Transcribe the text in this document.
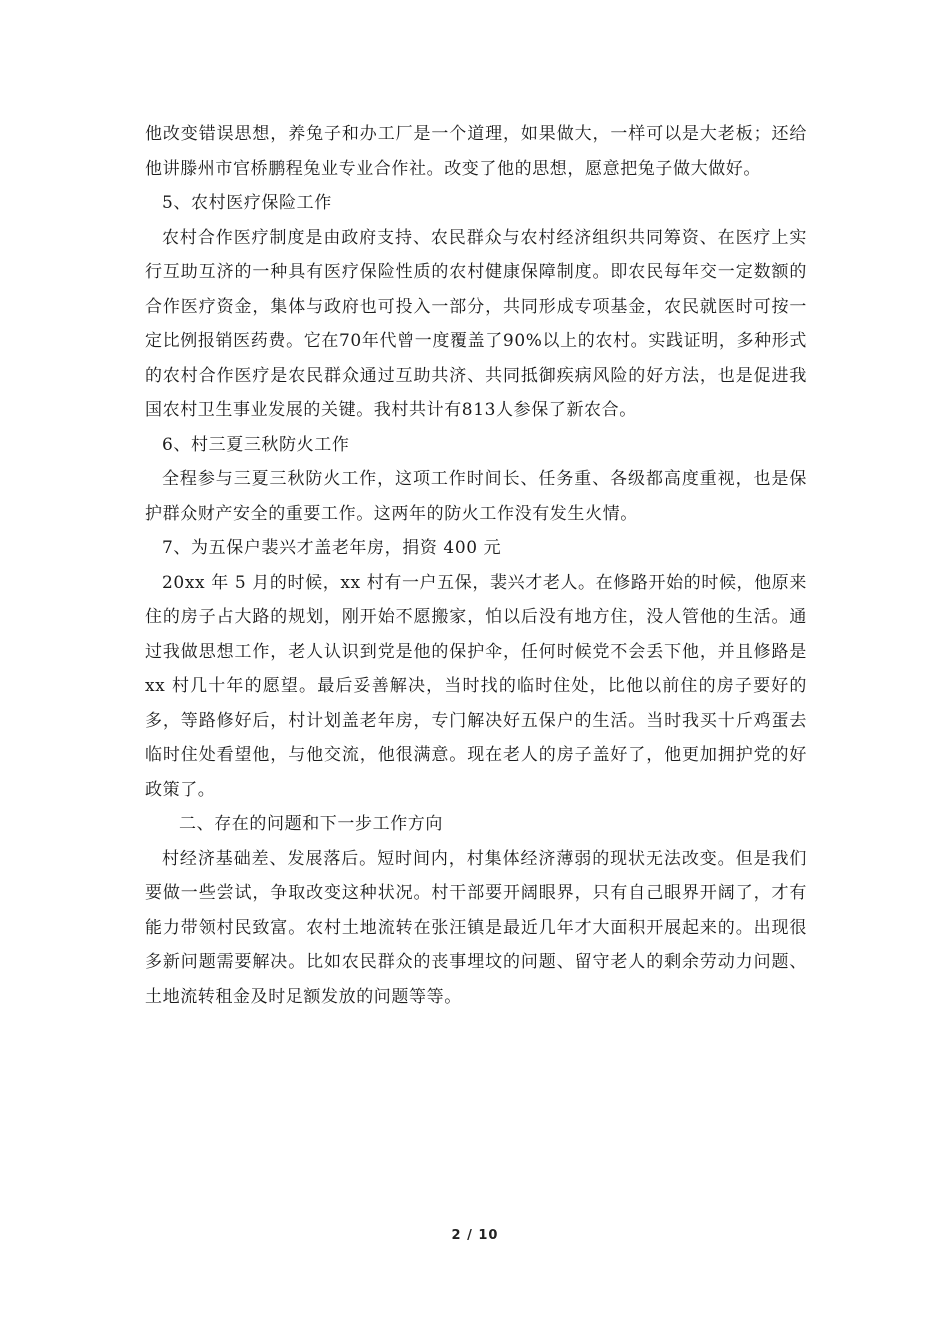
他改变错误思想，养兔子和办工厂是一个道理，如果做大，一样可以是大老板；还给他讲滕州市官桥鹏程兔业专业合作社。改变了他的思想，愿意把兔子做大做好。

5、农村医疗保险工作

农村合作医疗制度是由政府支持、农民群众与农村经济组织共同筹资、在医疗上实行互助互济的一种具有医疗保险性质的农村健康保障制度。即农民每年交一定数额的合作医疗资金，集体与政府也可投入一部分，共同形成专项基金，农民就医时可按一定比例报销医药费。它在70年代曾一度覆盖了90%以上的农村。实践证明，多种形式的农村合作医疗是农民群众通过互助共济、共同抵御疾病风险的好方法，也是促进我国农村卫生事业发展的关键。我村共计有813人参保了新农合。

6、村三夏三秋防火工作

全程参与三夏三秋防火工作，这项工作时间长、任务重、各级都高度重视，也是保护群众财产安全的重要工作。这两年的防火工作没有发生火情。

7、为五保户裴兴才盖老年房，捐资 400 元

20xx 年 5 月的时候，xx 村有一户五保，裴兴才老人。在修路开始的时候，他原来住的房子占大路的规划，刚开始不愿搬家，怕以后没有地方住，没人管他的生活。通过我做思想工作，老人认识到党是他的保护伞，任何时候党不会丢下他，并且修路是 xx 村几十年的愿望。最后妥善解决，当时找的临时住处，比他以前住的房子要好的多，等路修好后，村计划盖老年房，专门解决好五保户的生活。当时我买十斤鸡蛋去临时住处看望他，与他交流，他很满意。现在老人的房子盖好了，他更加拥护党的好政策了。

二、存在的问题和下一步工作方向

村经济基础差、发展落后。短时间内，村集体经济薄弱的现状无法改变。但是我们要做一些尝试，争取改变这种状况。村干部要开阔眼界，只有自己眼界开阔了，才有能力带领村民致富。农村土地流转在张汪镇是最近几年才大面积开展起来的。出现很多新问题需要解决。比如农民群众的丧事埋坟的问题、留守老人的剩余劳动力问题、土地流转租金及时足额发放的问题等等。

2 / 10
